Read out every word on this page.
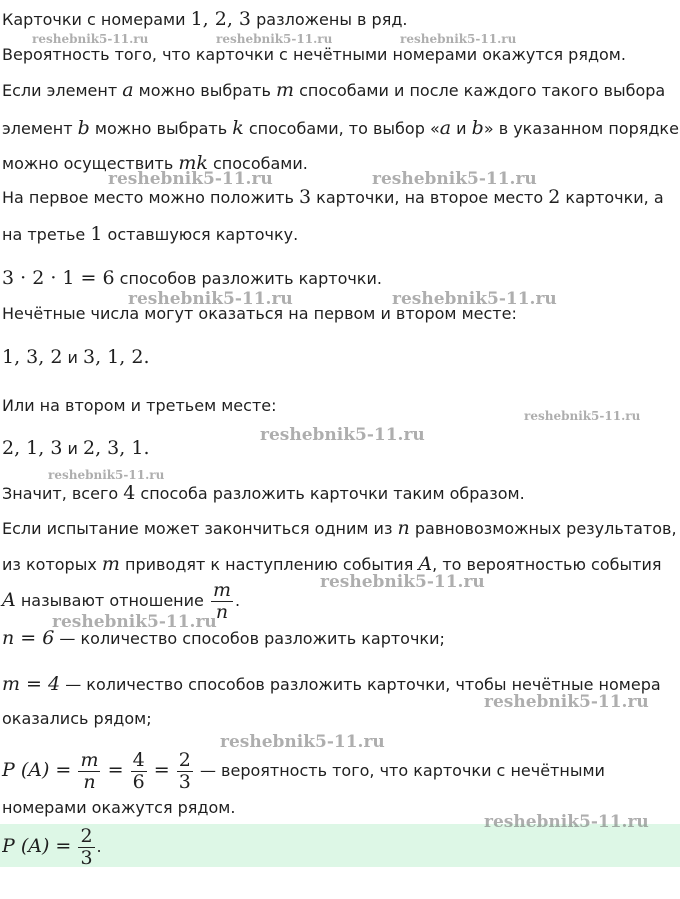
reshebnik5-11.ru	reshebnik5-11.ru	reshebnik5-11.ru
reshebnik5-11.ru	reshebnik5-11.ru
reshebnik5-11.ru	reshebnik5-11.ru
reshebnik5-11.ru
reshebnik5-11.ru
reshebnik5-11.ru
reshebnik5-11.ru
reshebnik5-11.ru
reshebnik5-11.ru
reshebnik5-11.ru
reshebnik5-11.ru
Карточки с номерами 1, 2, 3 разложены в ряд.
Вероятность того, что карточки с нечётными номерами окажутся рядом.
Если элемент a можно выбрать m способами и после каждого такого выбора
элемент b можно выбрать k способами, то выбор «a и b» в указанном порядке
можно осуществить mk способами.
На первое место можно положить 3 карточки, на второе место 2 карточки, а
на третье 1 оставшуюся карточку.
3 · 2 · 1 = 6 способов разложить карточки.
Нечётные числа могут оказаться на первом и втором месте:
1, 3, 2 и 3, 1, 2.
Или на втором и третьем месте:
2, 1, 3 и 2, 3, 1.
Значит, всего 4 способа разложить карточки таким образом.
Если испытание может закончиться одним из n равновозможных результатов,
из которых m приводят к наступлению события A, то вероятностью события
A называют отношение $\frac{m}{n}$ .
n = 6 — количество способов разложить карточки;
m = 4 — количество способов разложить карточки, чтобы нечётные номера
оказались рядом;
P $(A) = \frac{m}{n} = \frac{4}{6} = \frac{2}{3}$ — вероятность того, что карточки с нечётными
номерами окажутся рядом.
P $(A) = \frac{2}{3}$ .
